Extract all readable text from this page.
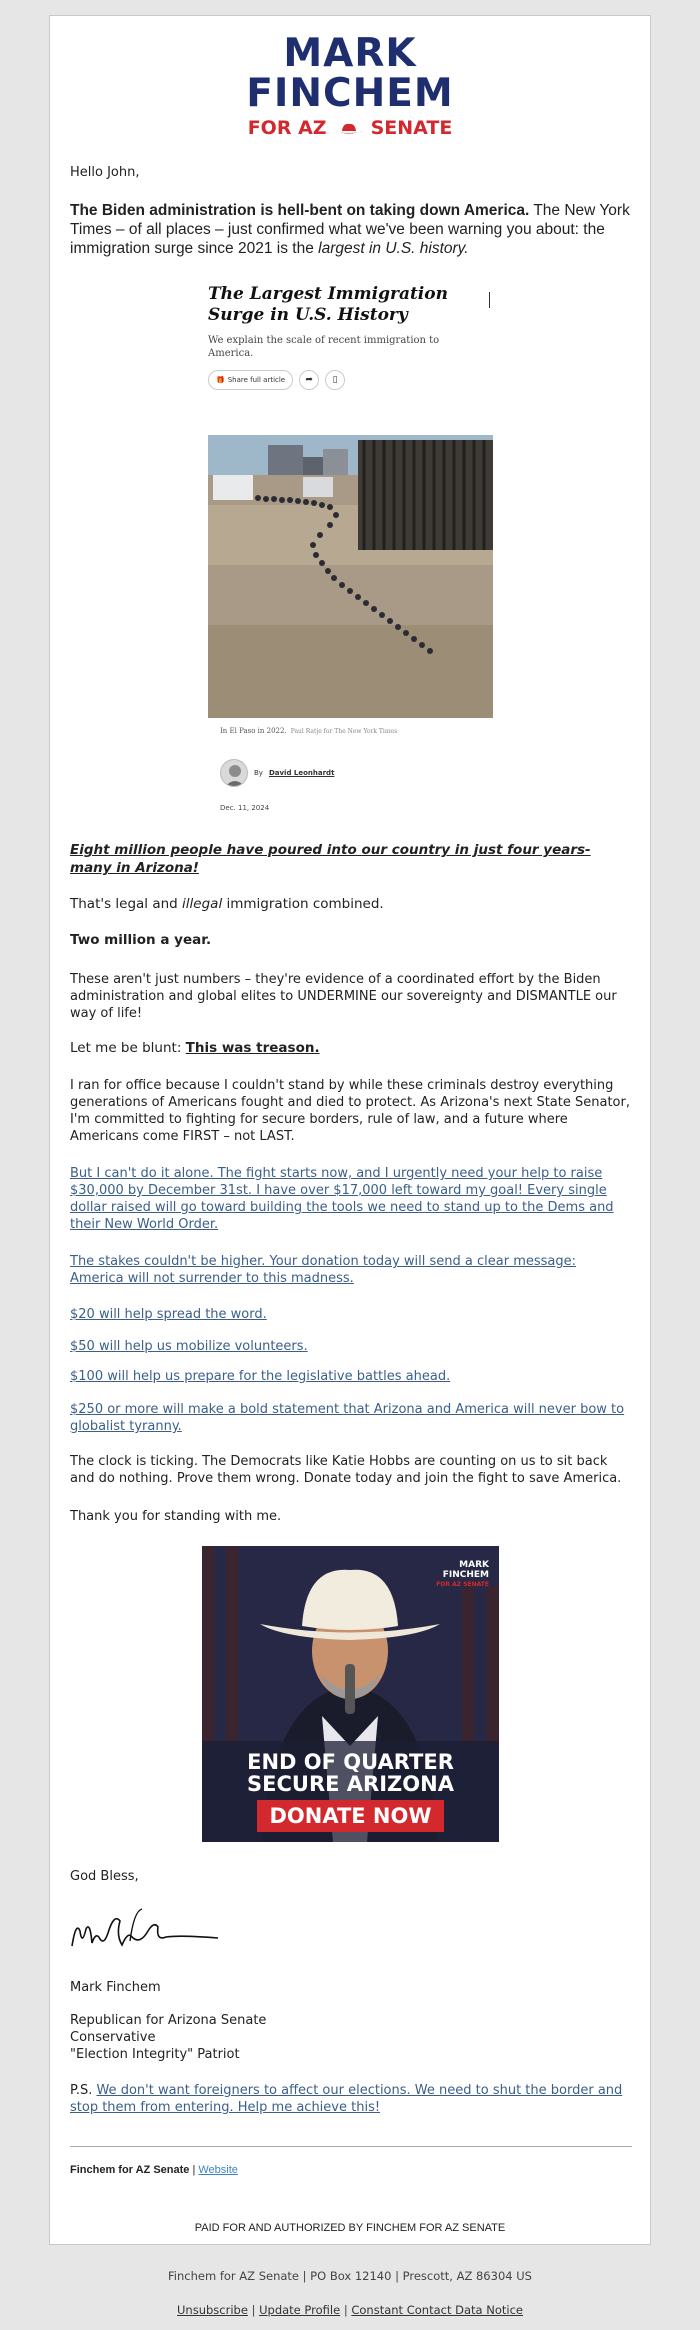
MARK
FINCHEM
FOR AZ SENATE
Hello John,

The Biden administration is hell-bent on taking down America. The New York Times – of all places – just confirmed what we've been warning you about: the immigration surge since 2021 is the largest in U.S. history.

The Largest Immigration Surge in U.S. History
We explain the scale of recent immigration to America.
🎁 Share full article	➦	▯
In El Paso in 2022. Paul Ratje for The New York Times
By David Leonhardt
Dec. 11, 2024

Eight million people have poured into our country in just four years- many in Arizona!

That's legal and illegal immigration combined.

Two million a year.

These aren't just numbers – they're evidence of a coordinated effort by the Biden administration and global elites to UNDERMINE our sovereignty and DISMANTLE our way of life!

Let me be blunt: This was treason.

I ran for office because I couldn't stand by while these criminals destroy everything generations of Americans fought and died to protect. As Arizona's next State Senator, I'm committed to fighting for secure borders, rule of law, and a future where Americans come FIRST – not LAST.

But I can't do it alone. The fight starts now, and I urgently need your help to raise $30,000 by December 31st. I have over $17,000 left toward my goal! Every single dollar raised will go toward building the tools we need to stand up to the Dems and their New World Order.
The stakes couldn't be higher. Your donation today will send a clear message: America will not surrender to this madness.
$20 will help spread the word.
$50 will help us mobilize volunteers.
$100 will help us prepare for the legislative battles ahead.
$250 or more will make a bold statement that Arizona and America will never bow to globalist tyranny.

The clock is ticking. The Democrats like Katie Hobbs are counting on us to sit back and do nothing. Prove them wrong. Donate today and join the fight to save America.

Thank you for standing with me.

MARK
FINCHEM
FOR AZ SENATE
END OF QUARTER
SECURE ARIZONA
DONATE NOW

God Bless,

Mark Finchem

Republican for Arizona Senate
Conservative
"Election Integrity" Patriot

P.S. We don't want foreigners to affect our elections. We need to shut the border and stop them from entering. Help me achieve this!

Finchem for AZ Senate | Website
PAID FOR AND AUTHORIZED BY FINCHEM FOR AZ SENATE
Finchem for AZ Senate | PO Box 12140 | Prescott, AZ 86304 US
Unsubscribe | Update Profile | Constant Contact Data Notice
